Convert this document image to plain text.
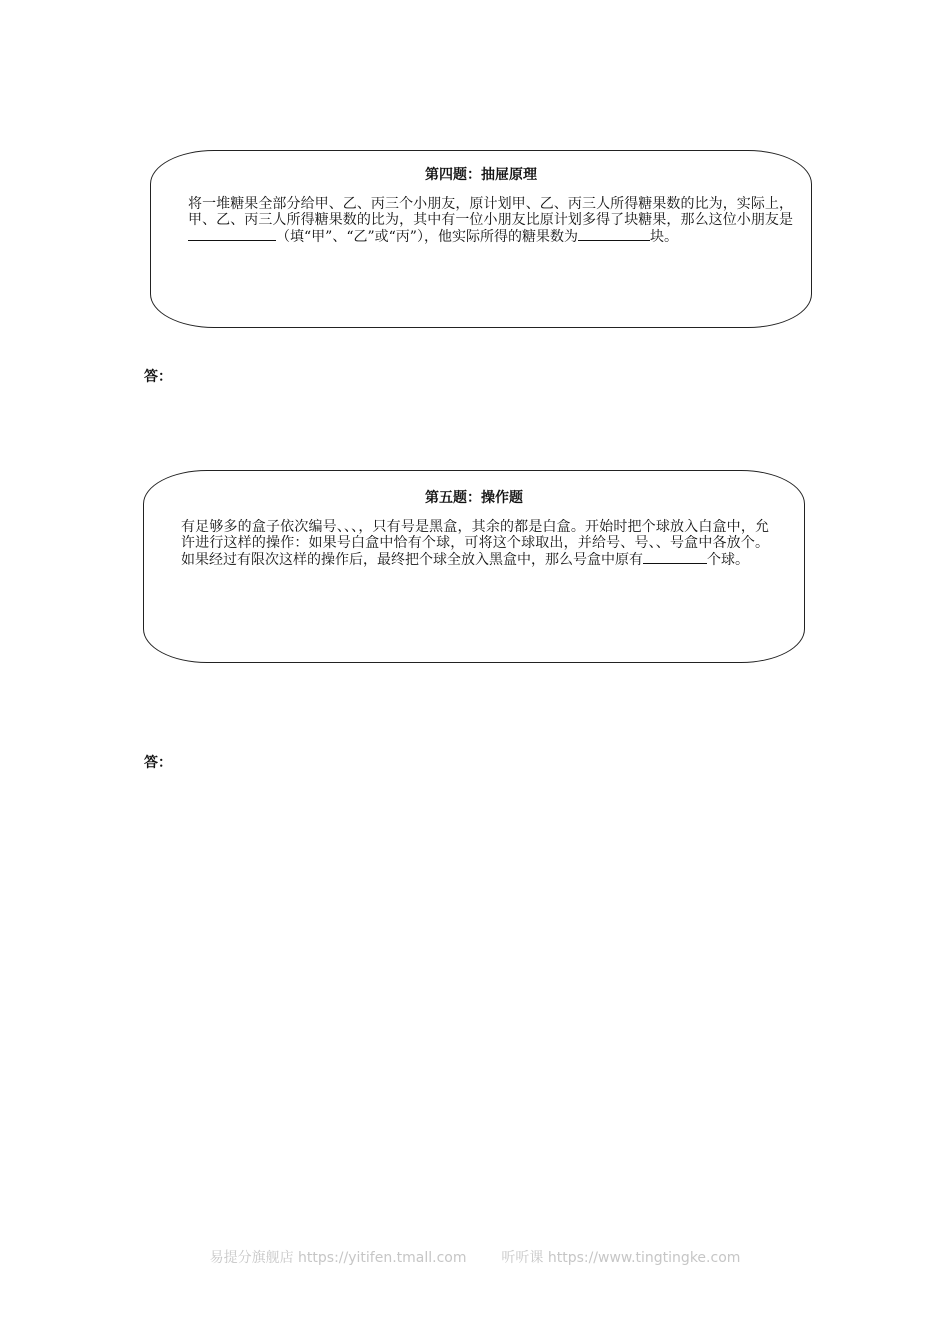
第四题：抽屉原理
将一堆糖果全部分给甲、乙、丙三个小朋友，原计划甲、乙、丙三人所得糖果数的比为，实际上，甲、乙、丙三人所得糖果数的比为，其中有一位小朋友比原计划多得了块糖果，那么这位小朋友是（填“甲”、“乙”或“丙”），他实际所得的糖果数为	块。
答：
第五题：操作题
有足够多的盒子依次编号、、、，只有号是黑盒，其余的都是白盒。开始时把个球放入白盒中，允许进行这样的操作：如果号白盒中恰有个球，可将这个球取出，并给号、号、、号盒中各放个。如果经过有限次这样的操作后，最终把个球全放入黑盒中，那么号盒中原有	个球。
答：
易提分旗舰店 https://yitifen.tmall.com 听听课 https://www.tingtingke.com
